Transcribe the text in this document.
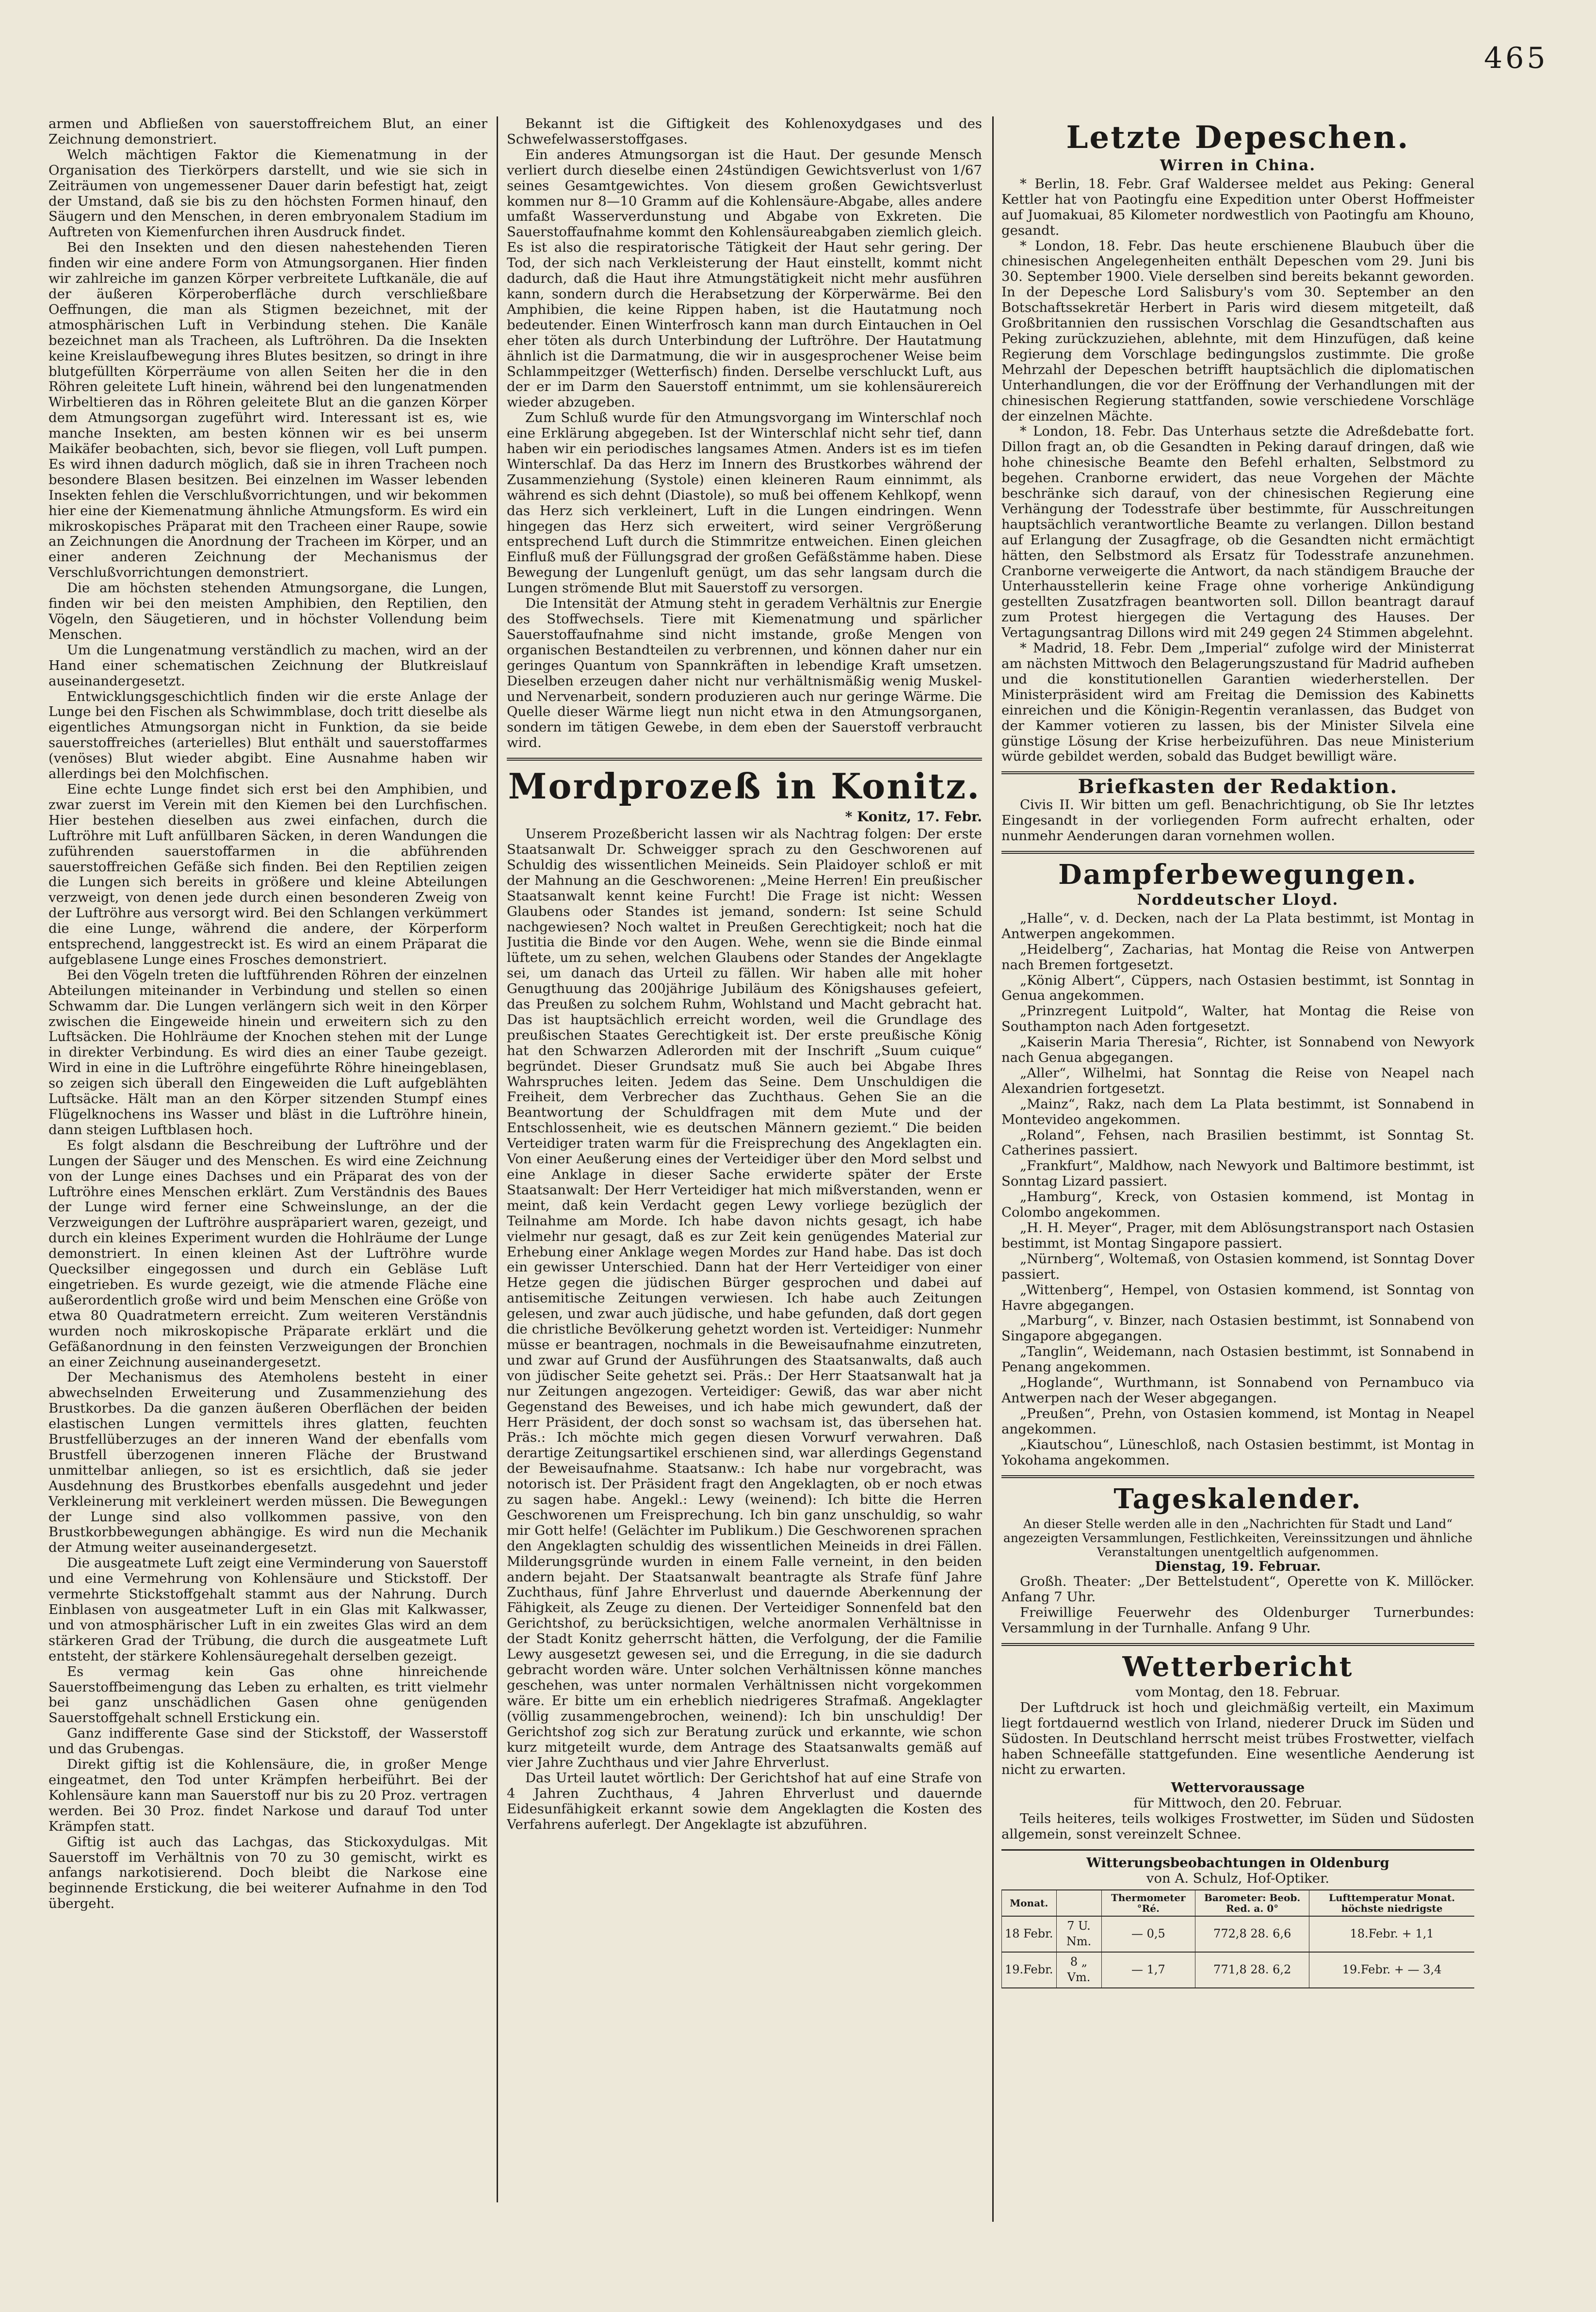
465

armen und Abfließen von sauerstoffreichem Blut, an einer Zeichnung demonstriert.

Welch mächtigen Faktor die Kiemenatmung in der Organisation des Tierkörpers darstellt, und wie sie sich in Zeiträumen von ungemessener Dauer darin befestigt hat, zeigt der Umstand, daß sie bis zu den höchsten Formen hinauf, den Säugern und den Menschen, in deren embryonalem Stadium im Auftreten von Kiemenfurchen ihren Ausdruck findet.

Bei den Insekten und den diesen nahestehenden Tieren finden wir eine andere Form von Atmungsorganen. Hier finden wir zahlreiche im ganzen Körper verbreitete Luftkanäle, die auf der äußeren Körperoberfläche durch verschließbare Oeffnungen, die man als Stigmen bezeichnet, mit der atmosphärischen Luft in Verbindung stehen. Die Kanäle bezeichnet man als Tracheen, als Luftröhren. Da die Insekten keine Kreislaufbewegung ihres Blutes besitzen, so dringt in ihre blutgefüllten Körperräume von allen Seiten her die in den Röhren geleitete Luft hinein, während bei den lungenatmenden Wirbeltieren das in Röhren geleitete Blut an die ganzen Körper dem Atmungsorgan zugeführt wird. Interessant ist es, wie manche Insekten, am besten können wir es bei unserm Maikäfer beobachten, sich, bevor sie fliegen, voll Luft pumpen. Es wird ihnen dadurch möglich, daß sie in ihren Tracheen noch besondere Blasen besitzen. Bei einzelnen im Wasser lebenden Insekten fehlen die Verschlußvorrichtungen, und wir bekommen hier eine der Kiemenatmung ähnliche Atmungsform. Es wird ein mikroskopisches Präparat mit den Tracheen einer Raupe, sowie an Zeichnungen die Anordnung der Tracheen im Körper, und an einer anderen Zeichnung der Mechanismus der Verschlußvorrichtungen demonstriert.

Die am höchsten stehenden Atmungsorgane, die Lungen, finden wir bei den meisten Amphibien, den Reptilien, den Vögeln, den Säugetieren, und in höchster Vollendung beim Menschen.

Um die Lungenatmung verständlich zu machen, wird an der Hand einer schematischen Zeichnung der Blutkreislauf auseinandergesetzt.

Entwicklungsgeschichtlich finden wir die erste Anlage der Lunge bei den Fischen als Schwimmblase, doch tritt dieselbe als eigentliches Atmungsorgan nicht in Funktion, da sie beide sauerstoffreiches (arterielles) Blut enthält und sauerstoffarmes (venöses) Blut wieder abgibt. Eine Ausnahme haben wir allerdings bei den Molchfischen.

Eine echte Lunge findet sich erst bei den Amphibien, und zwar zuerst im Verein mit den Kiemen bei den Lurchfischen. Hier bestehen dieselben aus zwei einfachen, durch die Luftröhre mit Luft anfüllbaren Säcken, in deren Wandungen die zuführenden sauerstoffarmen in die abführenden sauerstoffreichen Gefäße sich finden. Bei den Reptilien zeigen die Lungen sich bereits in größere und kleine Abteilungen verzweigt, von denen jede durch einen besonderen Zweig von der Luftröhre aus versorgt wird. Bei den Schlangen verkümmert die eine Lunge, während die andere, der Körperform entsprechend, langgestreckt ist. Es wird an einem Präparat die aufgeblasene Lunge eines Frosches demonstriert.

Bei den Vögeln treten die luftführenden Röhren der einzelnen Abteilungen miteinander in Verbindung und stellen so einen Schwamm dar. Die Lungen verlängern sich weit in den Körper zwischen die Eingeweide hinein und erweitern sich zu den Luftsäcken. Die Hohlräume der Knochen stehen mit der Lunge in direkter Verbindung. Es wird dies an einer Taube gezeigt. Wird in eine in die Luftröhre eingeführte Röhre hineingeblasen, so zeigen sich überall den Eingeweiden die Luft aufgeblähten Luftsäcke. Hält man an den Körper sitzenden Stumpf eines Flügelknochens ins Wasser und bläst in die Luftröhre hinein, dann steigen Luftblasen hoch.

Es folgt alsdann die Beschreibung der Luftröhre und der Lungen der Säuger und des Menschen. Es wird eine Zeichnung von der Lunge eines Dachses und ein Präparat des von der Luftröhre eines Menschen erklärt. Zum Verständnis des Baues der Lunge wird ferner eine Schweinslunge, an der die Verzweigungen der Luftröhre auspräpariert waren, gezeigt, und durch ein kleines Experiment wurden die Hohlräume der Lunge demonstriert. In einen kleinen Ast der Luftröhre wurde Quecksilber eingegossen und durch ein Gebläse Luft eingetrieben. Es wurde gezeigt, wie die atmende Fläche eine außerordentlich große wird und beim Menschen eine Größe von etwa 80 Quadratmetern erreicht. Zum weiteren Verständnis wurden noch mikroskopische Präparate erklärt und die Gefäßanordnung in den feinsten Verzweigungen der Bronchien an einer Zeichnung auseinandergesetzt.

Der Mechanismus des Atemholens besteht in einer abwechselnden Erweiterung und Zusammenziehung des Brustkorbes. Da die ganzen äußeren Oberflächen der beiden elastischen Lungen vermittels ihres glatten, feuchten Brustfellüberzuges an der inneren Wand der ebenfalls vom Brustfell überzogenen inneren Fläche der Brustwand unmittelbar anliegen, so ist es ersichtlich, daß sie jeder Ausdehnung des Brustkorbes ebenfalls ausgedehnt und jeder Verkleinerung mit verkleinert werden müssen. Die Bewegungen der Lunge sind also vollkommen passive, von den Brustkorbbewegungen abhängige. Es wird nun die Mechanik der Atmung weiter auseinandergesetzt.

Die ausgeatmete Luft zeigt eine Verminderung von Sauerstoff und eine Vermehrung von Kohlensäure und Stickstoff. Der vermehrte Stickstoffgehalt stammt aus der Nahrung. Durch Einblasen von ausgeatmeter Luft in ein Glas mit Kalkwasser, und von atmosphärischer Luft in ein zweites Glas wird an dem stärkeren Grad der Trübung, die durch die ausgeatmete Luft entsteht, der stärkere Kohlensäuregehalt derselben gezeigt.

Es vermag kein Gas ohne hinreichende Sauerstoffbeimengung das Leben zu erhalten, es tritt vielmehr bei ganz unschädlichen Gasen ohne genügenden Sauerstoffgehalt schnell Erstickung ein.

Ganz indifferente Gase sind der Stickstoff, der Wasserstoff und das Grubengas.

Direkt giftig ist die Kohlensäure, die, in großer Menge eingeatmet, den Tod unter Krämpfen herbeiführt. Bei der Kohlensäure kann man Sauerstoff nur bis zu 20 Proz. vertragen werden. Bei 30 Proz. findet Narkose und darauf Tod unter Krämpfen statt.

Giftig ist auch das Lachgas, das Stickoxydulgas. Mit Sauerstoff im Verhältnis von 70 zu 30 gemischt, wirkt es anfangs narkotisierend. Doch bleibt die Narkose eine beginnende Erstickung, die bei weiterer Aufnahme in den Tod übergeht.

Bekannt ist die Giftigkeit des Kohlenoxydgases und des Schwefelwasserstoffgases.

Ein anderes Atmungsorgan ist die Haut. Der gesunde Mensch verliert durch dieselbe einen 24stündigen Gewichtsverlust von 1/67 seines Gesamtgewichtes. Von diesem großen Gewichtsverlust kommen nur 8—10 Gramm auf die Kohlensäure-Abgabe, alles andere umfaßt Wasserverdunstung und Abgabe von Exkreten. Die Sauerstoffaufnahme kommt den Kohlensäureabgaben ziemlich gleich. Es ist also die respiratorische Tätigkeit der Haut sehr gering. Der Tod, der sich nach Verkleisterung der Haut einstellt, kommt nicht dadurch, daß die Haut ihre Atmungstätigkeit nicht mehr ausführen kann, sondern durch die Herabsetzung der Körperwärme. Bei den Amphibien, die keine Rippen haben, ist die Hautatmung noch bedeutender. Einen Winterfrosch kann man durch Eintauchen in Oel eher töten als durch Unterbindung der Luftröhre. Der Hautatmung ähnlich ist die Darmatmung, die wir in ausgesprochener Weise beim Schlammpeitzger (Wetterfisch) finden. Derselbe verschluckt Luft, aus der er im Darm den Sauerstoff entnimmt, um sie kohlensäurereich wieder abzugeben.

Zum Schluß wurde für den Atmungsvorgang im Winterschlaf noch eine Erklärung abgegeben. Ist der Winterschlaf nicht sehr tief, dann haben wir ein periodisches langsames Atmen. Anders ist es im tiefen Winterschlaf. Da das Herz im Innern des Brustkorbes während der Zusammenziehung (Systole) einen kleineren Raum einnimmt, als während es sich dehnt (Diastole), so muß bei offenem Kehlkopf, wenn das Herz sich verkleinert, Luft in die Lungen eindringen. Wenn hingegen das Herz sich erweitert, wird seiner Vergrößerung entsprechend Luft durch die Stimmritze entweichen. Einen gleichen Einfluß muß der Füllungsgrad der großen Gefäßstämme haben. Diese Bewegung der Lungenluft genügt, um das sehr langsam durch die Lungen strömende Blut mit Sauerstoff zu versorgen.

Die Intensität der Atmung steht in geradem Verhältnis zur Energie des Stoffwechsels. Tiere mit Kiemenatmung und spärlicher Sauerstoffaufnahme sind nicht imstande, große Mengen von organischen Bestandteilen zu verbrennen, und können daher nur ein geringes Quantum von Spannkräften in lebendige Kraft umsetzen. Dieselben erzeugen daher nicht nur verhältnismäßig wenig Muskel- und Nervenarbeit, sondern produzieren auch nur geringe Wärme. Die Quelle dieser Wärme liegt nun nicht etwa in den Atmungsorganen, sondern im tätigen Gewebe, in dem eben der Sauerstoff verbraucht wird.

Mordprozeß in Konitz.
* Konitz, 17. Febr.

Unserem Prozeßbericht lassen wir als Nachtrag folgen: Der erste Staatsanwalt Dr. Schweigger sprach zu den Geschworenen auf Schuldig des wissentlichen Meineids. Sein Plaidoyer schloß er mit der Mahnung an die Geschworenen: „Meine Herren! Ein preußischer Staatsanwalt kennt keine Furcht! Die Frage ist nicht: Wessen Glaubens oder Standes ist jemand, sondern: Ist seine Schuld nachgewiesen? Noch waltet in Preußen Gerechtigkeit; noch hat die Justitia die Binde vor den Augen. Wehe, wenn sie die Binde einmal lüftete, um zu sehen, welchen Glaubens oder Standes der Angeklagte sei, um danach das Urteil zu fällen. Wir haben alle mit hoher Genugthuung das 200jährige Jubiläum des Königshauses gefeiert, das Preußen zu solchem Ruhm, Wohlstand und Macht gebracht hat. Das ist hauptsächlich erreicht worden, weil die Grundlage des preußischen Staates Gerechtigkeit ist. Der erste preußische König hat den Schwarzen Adlerorden mit der Inschrift „Suum cuique“ begründet. Dieser Grundsatz muß Sie auch bei Abgabe Ihres Wahrspruches leiten. Jedem das Seine. Dem Unschuldigen die Freiheit, dem Verbrecher das Zuchthaus. Gehen Sie an die Beantwortung der Schuldfragen mit dem Mute und der Entschlossenheit, wie es deutschen Männern geziemt.“ Die beiden Verteidiger traten warm für die Freisprechung des Angeklagten ein. Von einer Aeußerung eines der Verteidiger über den Mord selbst und eine Anklage in dieser Sache erwiderte später der Erste Staatsanwalt: Der Herr Verteidiger hat mich mißverstanden, wenn er meint, daß kein Verdacht gegen Lewy vorliege bezüglich der Teilnahme am Morde. Ich habe davon nichts gesagt, ich habe vielmehr nur gesagt, daß es zur Zeit kein genügendes Material zur Erhebung einer Anklage wegen Mordes zur Hand habe. Das ist doch ein gewisser Unterschied. Dann hat der Herr Verteidiger von einer Hetze gegen die jüdischen Bürger gesprochen und dabei auf antisemitische Zeitungen verwiesen. Ich habe auch Zeitungen gelesen, und zwar auch jüdische, und habe gefunden, daß dort gegen die christliche Bevölkerung gehetzt worden ist. Verteidiger: Nunmehr müsse er beantragen, nochmals in die Beweisaufnahme einzutreten, und zwar auf Grund der Ausführungen des Staatsanwalts, daß auch von jüdischer Seite gehetzt sei. Präs.: Der Herr Staatsanwalt hat ja nur Zeitungen angezogen. Verteidiger: Gewiß, das war aber nicht Gegenstand des Beweises, und ich habe mich gewundert, daß der Herr Präsident, der doch sonst so wachsam ist, das übersehen hat. Präs.: Ich möchte mich gegen diesen Vorwurf verwahren. Daß derartige Zeitungsartikel erschienen sind, war allerdings Gegenstand der Beweisaufnahme. Staatsanw.: Ich habe nur vorgebracht, was notorisch ist. Der Präsident fragt den Angeklagten, ob er noch etwas zu sagen habe. Angekl.: Lewy (weinend): Ich bitte die Herren Geschworenen um Freisprechung. Ich bin ganz unschuldig, so wahr mir Gott helfe! (Gelächter im Publikum.) Die Geschworenen sprachen den Angeklagten schuldig des wissentlichen Meineids in drei Fällen. Milderungsgründe wurden in einem Falle verneint, in den beiden andern bejaht. Der Staatsanwalt beantragte als Strafe fünf Jahre Zuchthaus, fünf Jahre Ehrverlust und dauernde Aberkennung der Fähigkeit, als Zeuge zu dienen. Der Verteidiger Sonnenfeld bat den Gerichtshof, zu berücksichtigen, welche anormalen Verhältnisse in der Stadt Konitz geherrscht hätten, die Verfolgung, der die Familie Lewy ausgesetzt gewesen sei, und die Erregung, in die sie dadurch gebracht worden wäre. Unter solchen Verhältnissen könne manches geschehen, was unter normalen Verhältnissen nicht vorgekommen wäre. Er bitte um ein erheblich niedrigeres Strafmaß. Angeklagter (völlig zusammengebrochen, weinend): Ich bin unschuldig! Der Gerichtshof zog sich zur Beratung zurück und erkannte, wie schon kurz mitgeteilt wurde, dem Antrage des Staatsanwalts gemäß auf vier Jahre Zuchthaus und vier Jahre Ehrverlust.

Das Urteil lautet wörtlich: Der Gerichtshof hat auf eine Strafe von 4 Jahren Zuchthaus, 4 Jahren Ehrverlust und dauernde Eidesunfähigkeit erkannt sowie dem Angeklagten die Kosten des Verfahrens auferlegt. Der Angeklagte ist abzuführen.

Letzte Depeschen.
Wirren in China.

* Berlin, 18. Febr. Graf Waldersee meldet aus Peking: General Kettler hat von Paotingfu eine Expedition unter Oberst Hoffmeister auf Juomakuai, 85 Kilometer nordwestlich von Paotingfu am Khouno, gesandt.

* London, 18. Febr. Das heute erschienene Blaubuch über die chinesischen Angelegenheiten enthält Depeschen vom 29. Juni bis 30. September 1900. Viele derselben sind bereits bekannt geworden. In der Depesche Lord Salisbury's vom 30. September an den Botschaftssekretär Herbert in Paris wird diesem mitgeteilt, daß Großbritannien den russischen Vorschlag die Gesandtschaften aus Peking zurückzuziehen, ablehnte, mit dem Hinzufügen, daß keine Regierung dem Vorschlage bedingungslos zustimmte. Die große Mehrzahl der Depeschen betrifft hauptsächlich die diplomatischen Unterhandlungen, die vor der Eröffnung der Verhandlungen mit der chinesischen Regierung stattfanden, sowie verschiedene Vorschläge der einzelnen Mächte.

* London, 18. Febr. Das Unterhaus setzte die Adreßdebatte fort. Dillon fragt an, ob die Gesandten in Peking darauf dringen, daß wie hohe chinesische Beamte den Befehl erhalten, Selbstmord zu begehen. Cranborne erwidert, das neue Vorgehen der Mächte beschränke sich darauf, von der chinesischen Regierung eine Verhängung der Todesstrafe über bestimmte, für Ausschreitungen hauptsächlich verantwortliche Beamte zu verlangen. Dillon bestand auf Erlangung der Zusagfrage, ob die Gesandten nicht ermächtigt hätten, den Selbstmord als Ersatz für Todesstrafe anzunehmen. Cranborne verweigerte die Antwort, da nach ständigem Brauche der Unterhausstellerin keine Frage ohne vorherige Ankündigung gestellten Zusatzfragen beantworten soll. Dillon beantragt darauf zum Protest hiergegen die Vertagung des Hauses. Der Vertagungsantrag Dillons wird mit 249 gegen 24 Stimmen abgelehnt.

* Madrid, 18. Febr. Dem „Imperial“ zufolge wird der Ministerrat am nächsten Mittwoch den Belagerungszustand für Madrid aufheben und die konstitutionellen Garantien wiederherstellen. Der Ministerpräsident wird am Freitag die Demission des Kabinetts einreichen und die Königin-Regentin veranlassen, das Budget von der Kammer votieren zu lassen, bis der Minister Silvela eine günstige Lösung der Krise herbeizuführen. Das neue Ministerium würde gebildet werden, sobald das Budget bewilligt wäre.

Briefkasten der Redaktion.

Civis II. Wir bitten um gefl. Benachrichtigung, ob Sie Ihr letztes Eingesandt in der vorliegenden Form aufrecht erhalten, oder nunmehr Aenderungen daran vornehmen wollen.

Dampferbewegungen.
Norddeutscher Lloyd.

„Halle“, v. d. Decken, nach der La Plata bestimmt, ist Montag in Antwerpen angekommen.

„Heidelberg“, Zacharias, hat Montag die Reise von Antwerpen nach Bremen fortgesetzt.

„König Albert“, Cüppers, nach Ostasien bestimmt, ist Sonntag in Genua angekommen.

„Prinzregent Luitpold“, Walter, hat Montag die Reise von Southampton nach Aden fortgesetzt.

„Kaiserin Maria Theresia“, Richter, ist Sonnabend von Newyork nach Genua abgegangen.

„Aller“, Wilhelmi, hat Sonntag die Reise von Neapel nach Alexandrien fortgesetzt.

„Mainz“, Rakz, nach dem La Plata bestimmt, ist Sonnabend in Montevideo angekommen.

„Roland“, Fehsen, nach Brasilien bestimmt, ist Sonntag St. Catherines passiert.

„Frankfurt“, Maldhow, nach Newyork und Baltimore bestimmt, ist Sonntag Lizard passiert.

„Hamburg“, Kreck, von Ostasien kommend, ist Montag in Colombo angekommen.

„H. H. Meyer“, Prager, mit dem Ablösungstransport nach Ostasien bestimmt, ist Montag Singapore passiert.

„Nürnberg“, Woltemaß, von Ostasien kommend, ist Sonntag Dover passiert.

„Wittenberg“, Hempel, von Ostasien kommend, ist Sonntag von Havre abgegangen.

„Marburg“, v. Binzer, nach Ostasien bestimmt, ist Sonnabend von Singapore abgegangen.

„Tanglin“, Weidemann, nach Ostasien bestimmt, ist Sonnabend in Penang angekommen.

„Hoglande“, Wurthmann, ist Sonnabend von Pernambuco via Antwerpen nach der Weser abgegangen.

„Preußen“, Prehn, von Ostasien kommend, ist Montag in Neapel angekommen.

„Kiautschou“, Lüneschloß, nach Ostasien bestimmt, ist Montag in Yokohama angekommen.

Tageskalender.

An dieser Stelle werden alle in den „Nachrichten für Stadt und Land“ angezeigten Versammlungen, Festlichkeiten, Vereinssitzungen und ähnliche Veranstaltungen unentgeltlich aufgenommen.

Dienstag, 19. Februar.

Großh. Theater: „Der Bettelstudent“, Operette von K. Millöcker. Anfang 7 Uhr.

Freiwillige Feuerwehr des Oldenburger Turnerbundes: Versammlung in der Turnhalle. Anfang 9 Uhr.

Wetterbericht
vom Montag, den 18. Februar.

Der Luftdruck ist hoch und gleichmäßig verteilt, ein Maximum liegt fortdauernd westlich von Irland, niederer Druck im Süden und Südosten. In Deutschland herrscht meist trübes Frostwetter, vielfach haben Schneefälle stattgefunden. Eine wesentliche Aenderung ist nicht zu erwarten.

Wettervoraussage
für Mittwoch, den 20. Februar.

Teils heiteres, teils wolkiges Frostwetter, im Süden und Südosten allgemein, sonst vereinzelt Schnee.

Witterungsbeobachtungen in Oldenburg
von A. Schulz, Hof-Optiker.
Monat.		Thermometer °Ré.	Barometer: Beob. Red. a. 0°	Lufttemperatur Monat. höchste niedrigste
18 Febr.	7 U. Nm.	— 0,5	772,8 28. 6,6	18.Febr. + 1,1
19.Febr.	8 „ Vm.	— 1,7	771,8 28. 6,2	19.Febr. + — 3,4
